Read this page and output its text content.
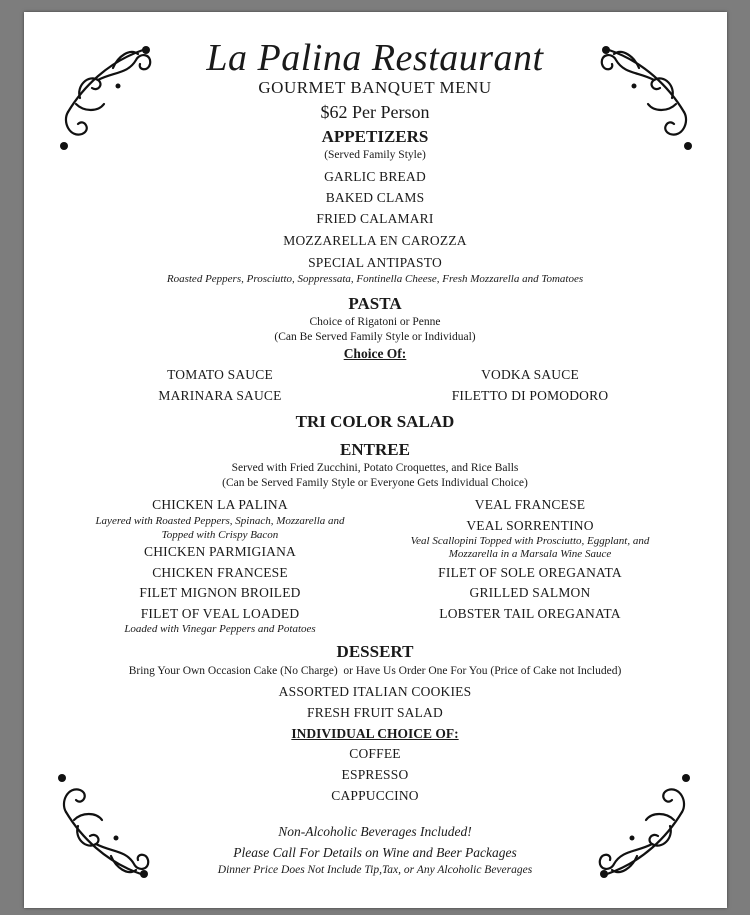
La Palina Restaurant
GOURMET BANQUET MENU
$62 Per Person
APPETIZERS
(Served Family Style)
GARLIC BREAD
BAKED CLAMS
FRIED CALAMARI
MOZZARELLA EN CAROZZA
SPECIAL ANTIPASTO
Roasted Peppers, Prosciutto, Soppressata, Fontinella Cheese, Fresh Mozzarella and Tomatoes
PASTA
Choice of Rigatoni or Penne
(Can Be Served Family Style or Individual)
Choice Of:
TOMATO SAUCE
MARINARA SAUCE
VODKA SAUCE
FILETTO DI POMODORO
TRI COLOR SALAD
ENTREE
Served with Fried Zucchini, Potato Croquettes, and Rice Balls
(Can be Served Family Style or Everyone Gets Individual Choice)
CHICKEN LA PALINA
Layered with Roasted Peppers, Spinach, Mozzarella and
Topped with Crispy Bacon
CHICKEN PARMIGIANA
CHICKEN FRANCESE
FILET MIGNON BROILED
FILET OF VEAL LOADED
Loaded with Vinegar Peppers and Potatoes
VEAL FRANCESE
VEAL SORRENTINO
Veal Scallopini Topped with Prosciutto, Eggplant, and
Mozzarella in a Marsala Wine Sauce
FILET OF SOLE OREGANATA
GRILLED SALMON
LOBSTER TAIL OREGANATA
DESSERT
Bring Your Own Occasion Cake (No Charge)  or Have Us Order One For You (Price of Cake not Included)
ASSORTED ITALIAN COOKIES
FRESH FRUIT SALAD
INDIVIDUAL CHOICE OF:
COFFEE
ESPRESSO
CAPPUCCINO
Non-Alcoholic Beverages Included!
Please Call For Details on Wine and Beer Packages
Dinner Price Does Not Include Tip,Tax, or Any Alcoholic Beverages
